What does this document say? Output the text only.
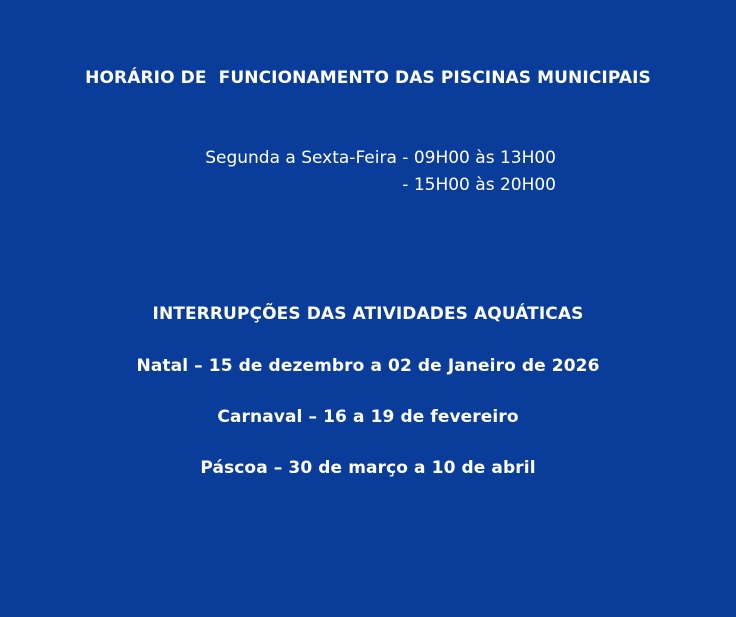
HORÁRIO DE  FUNCIONAMENTO DAS PISCINAS MUNICIPAIS
Segunda a Sexta-Feira - 09H00 às 13H00
- 15H00 às 20H00
INTERRUPÇÕES DAS ATIVIDADES AQUÁTICAS
Natal – 15 de dezembro a 02 de Janeiro de 2026
Carnaval – 16 a 19 de fevereiro
Páscoa – 30 de março a 10 de abril
